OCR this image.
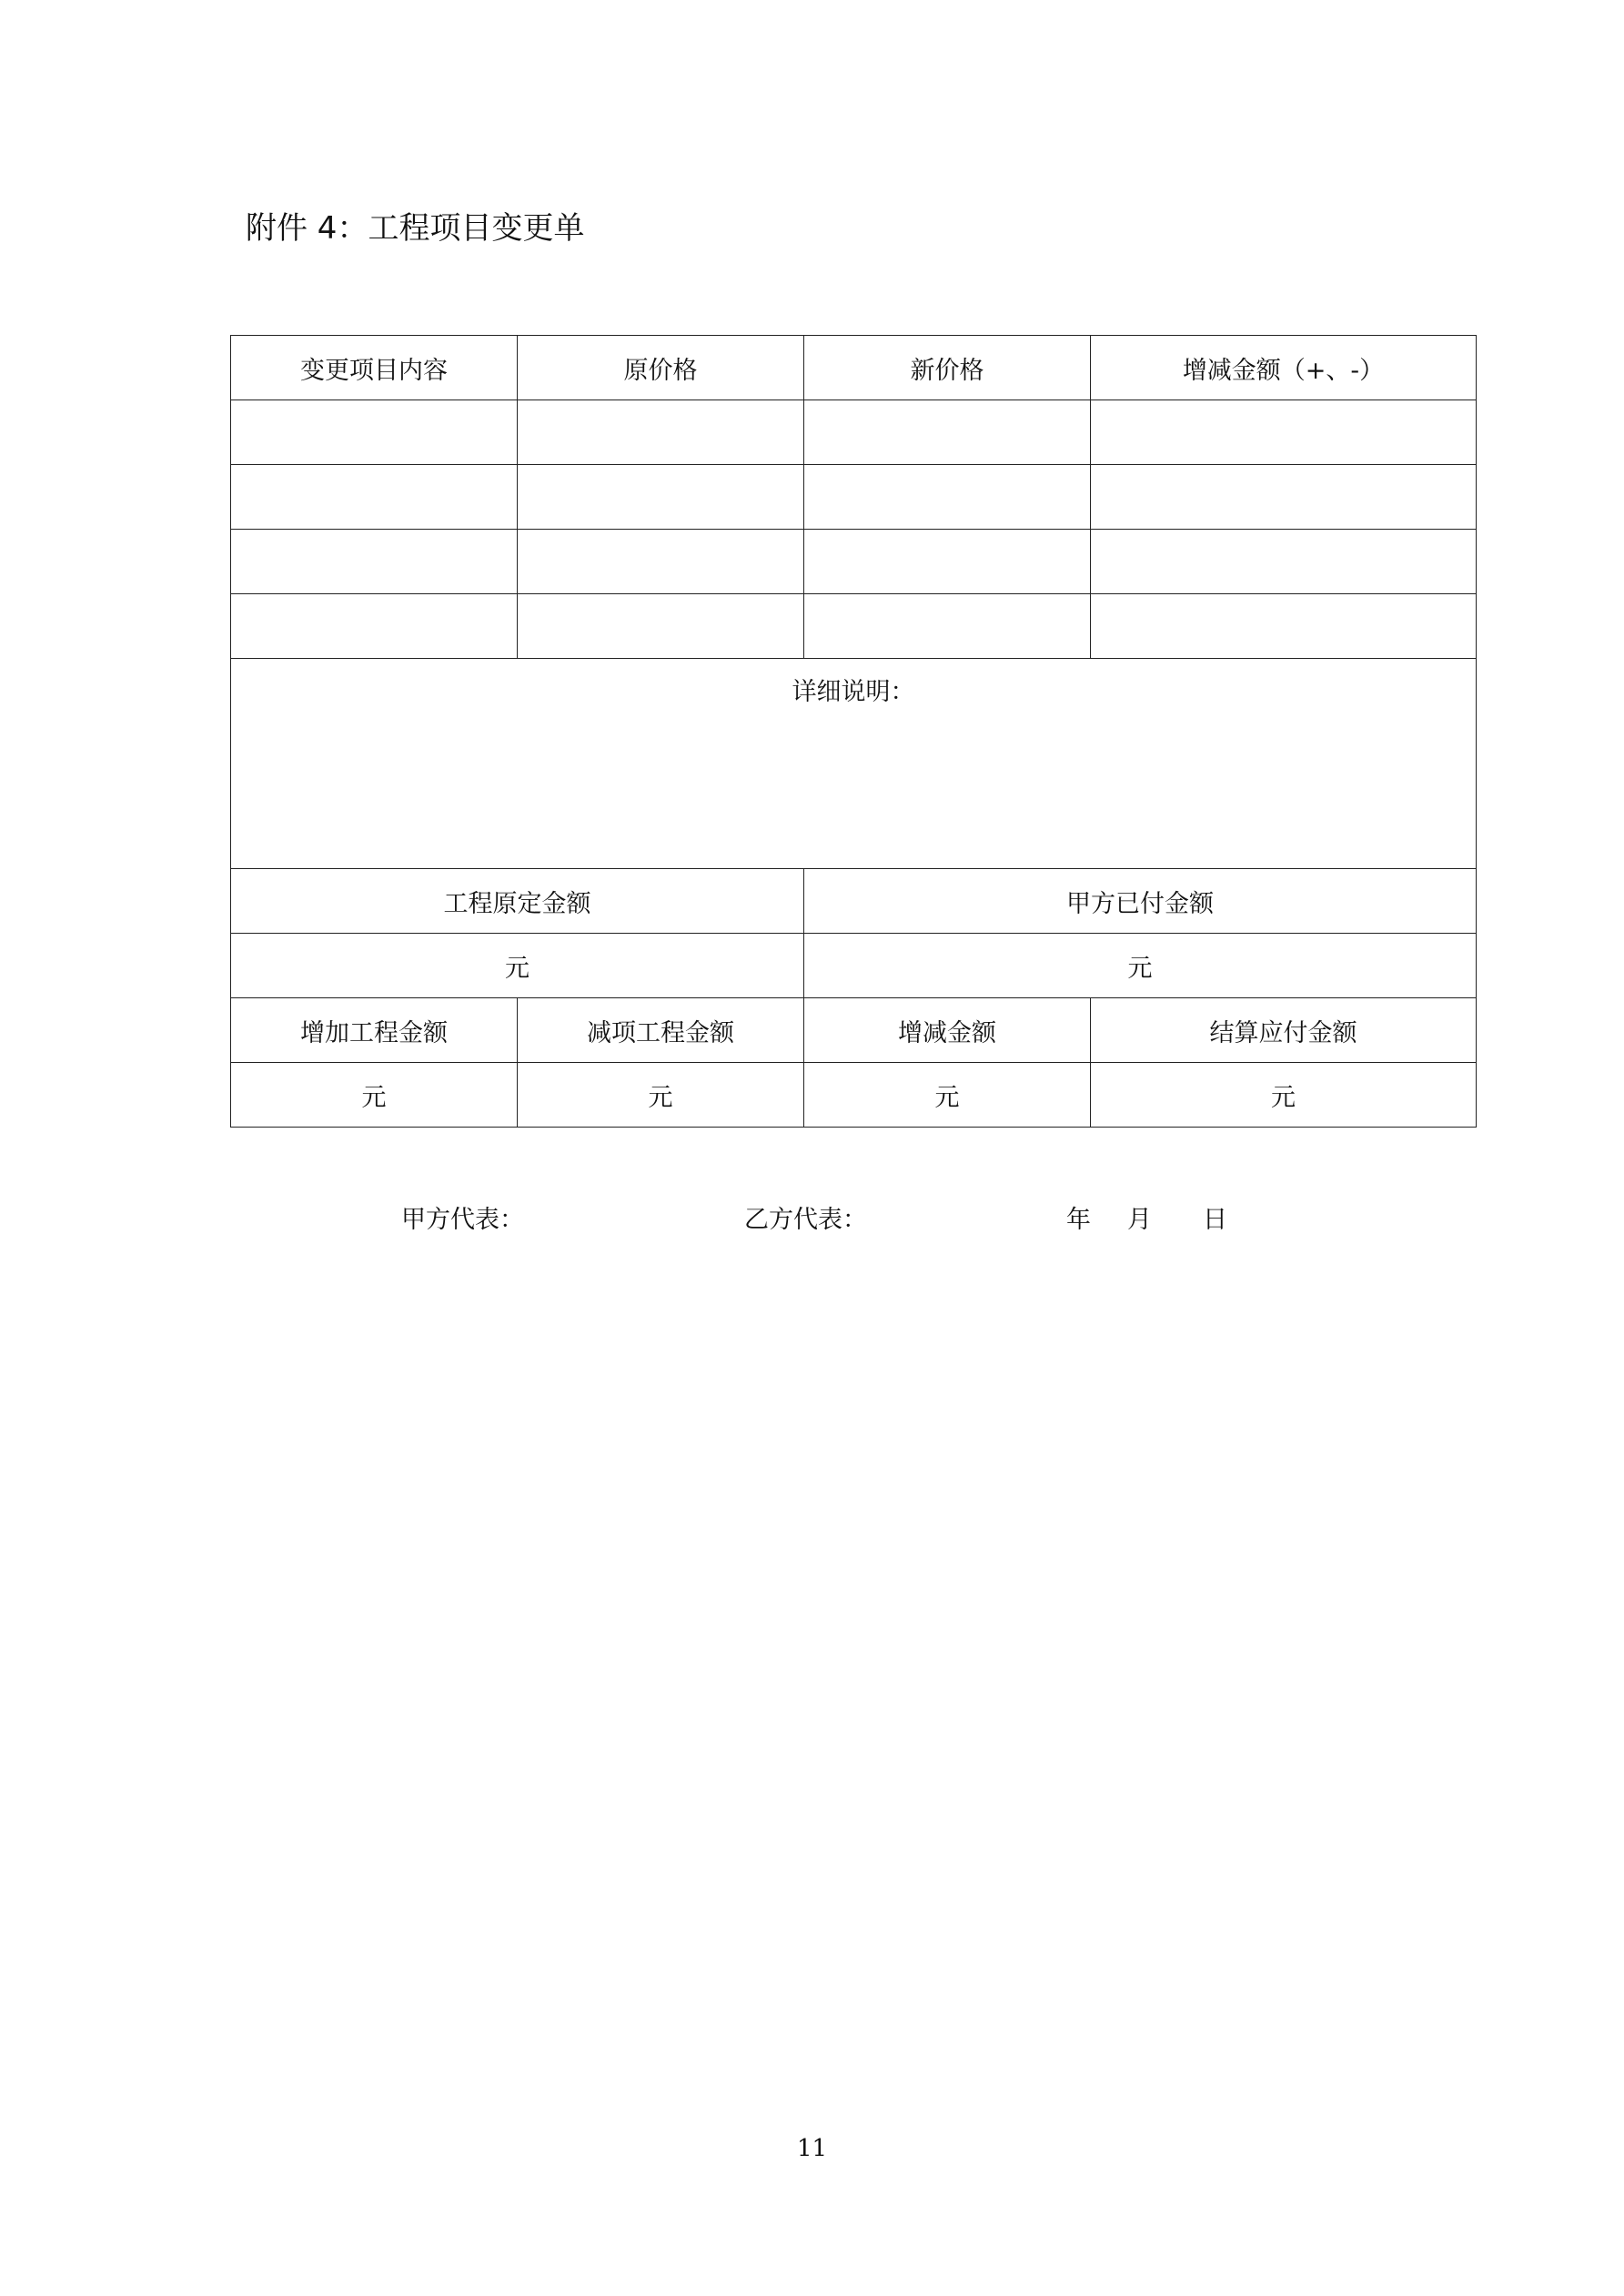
附件 4：工程项目变更单
变更项目内容	原价格	新价格	增减金额（+、-）

详细说明：			
工程原定金额		甲方已付金额	
元		元	
增加工程金额	减项工程金额	增减金额	结算应付金额
元	元	元	元
甲方代表：	乙方代表：	年 月 日
11
